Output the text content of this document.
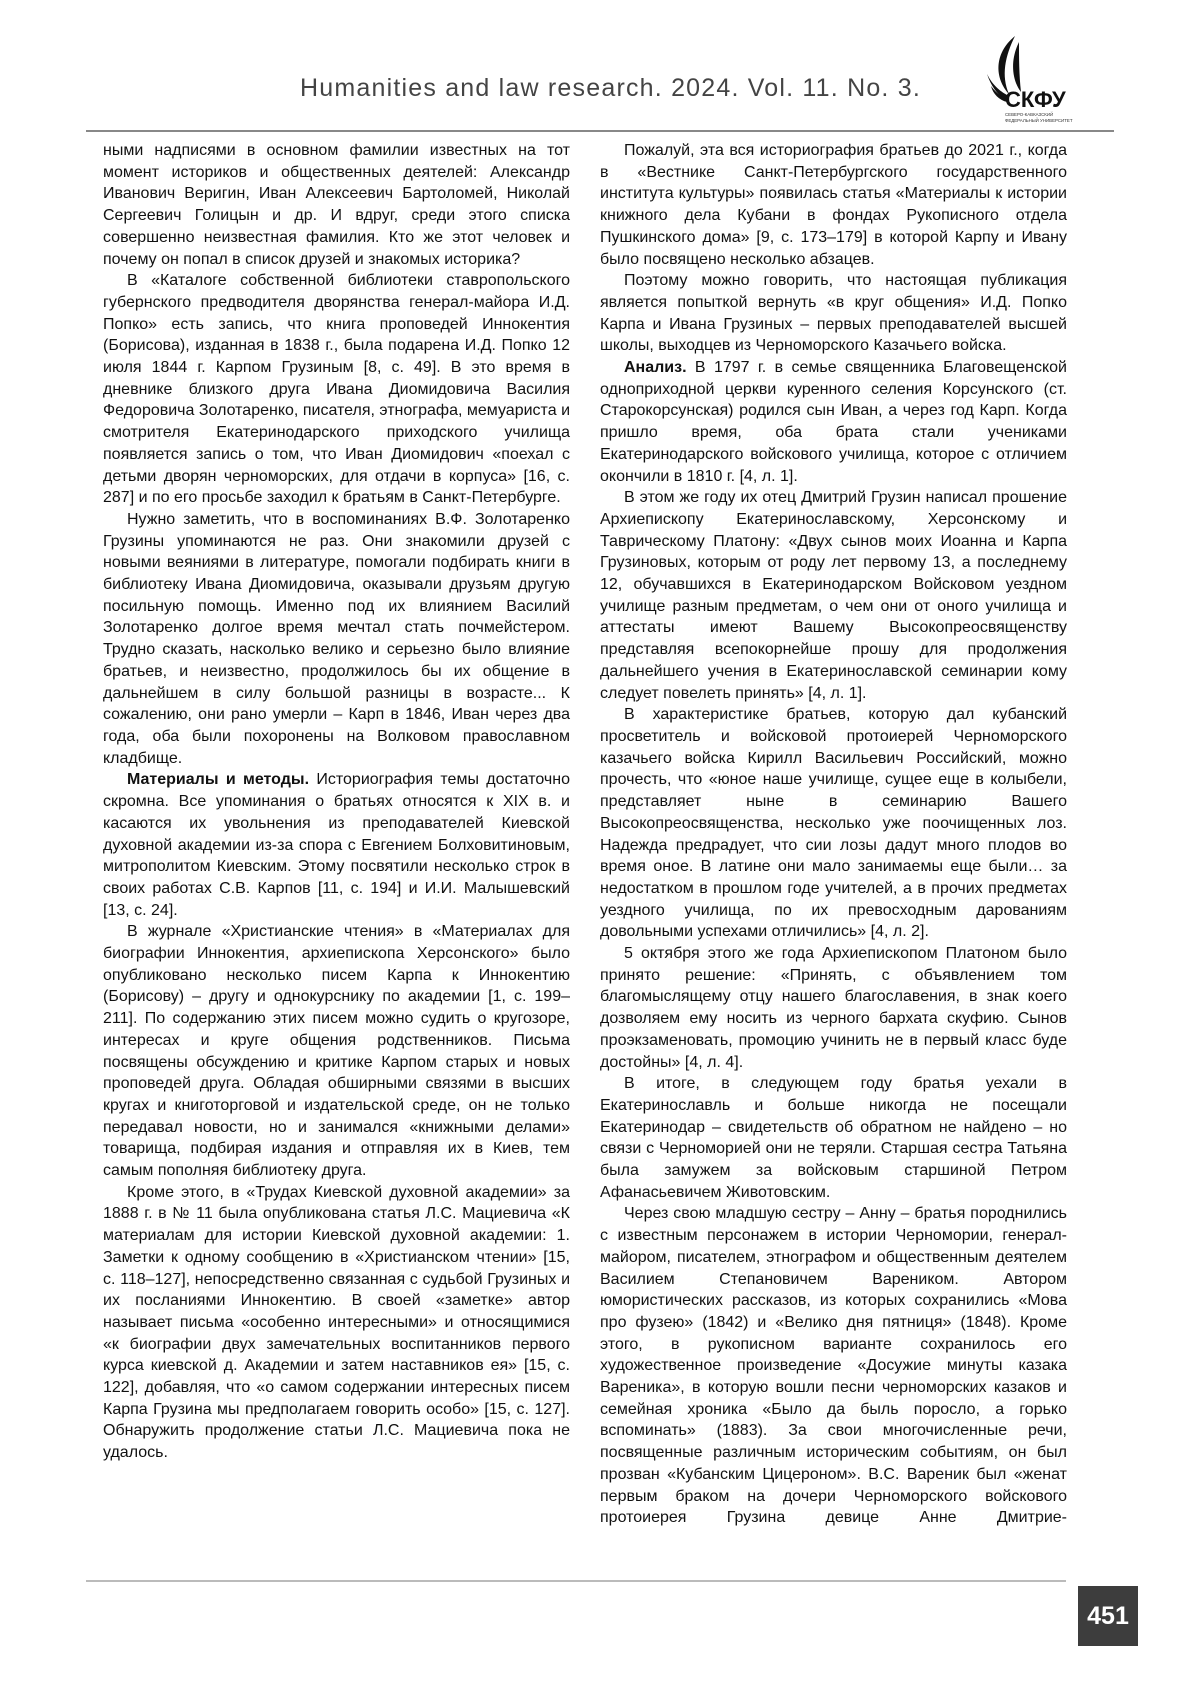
Humanities and law research. 2024. Vol. 11. No. 3.	СКФУ
СЕВЕРО-КАВКАЗСКИЙ
ФЕДЕРАЛЬНЫЙ УНИВЕРСИТЕТ

ными надписями в основном фамилии известных на тот момент историков и общественных деятелей: Александр Иванович Веригин, Иван Алексеевич Бартоломей, Николай Сергеевич Голицын и др. И вдруг, среди этого списка совершенно неизвестная фамилия. Кто же этот человек и почему он попал в список друзей и знакомых историка?

В «Каталоге собственной библиотеки ставропольского губернского предводителя дворянства генерал-майора И.Д. Попко» есть запись, что книга проповедей Иннокентия (Борисова), изданная в 1838 г., была подарена И.Д. Попко 12 июля 1844 г. Карпом Грузиным [8, с. 49]. В это время в дневнике близкого друга Ивана Диомидовича Василия Федоровича Золотаренко, писателя, этнографа, мемуариста и смотрителя Екатеринодарского приходского училища появляется запись о том, что Иван Диомидович «поехал с детьми дворян черноморских, для отдачи в корпуса» [16, с. 287] и по его просьбе заходил к братьям в Санкт-Петербурге.

Нужно заметить, что в воспоминаниях В.Ф. Золотаренко Грузины упоминаются не раз. Они знакомили друзей с новыми веяниями в литературе, помогали подбирать книги в библиотеку Ивана Диомидовича, оказывали друзьям другую посильную помощь. Именно под их влиянием Василий Золотаренко долгое время мечтал стать почмейстером. Трудно сказать, насколько велико и серьезно было влияние братьев, и неизвестно, продолжилось бы их общение в дальнейшем в силу большой разницы в возрасте... К сожалению, они рано умерли – Карп в 1846, Иван через два года, оба были похоронены на Волковом православном кладбище.

Материалы и методы. Историография темы достаточно скромна. Все упоминания о братьях относятся к XIX в. и касаются их увольнения из преподавателей Киевской духовной академии из-за спора с Евгением Болховитиновым, митрополитом Киевским. Этому посвятили несколько строк в своих работах С.В. Карпов [11, с. 194] и И.И. Малышевский [13, с. 24].

В журнале «Христианские чтения» в «Материалах для биографии Иннокентия, архиепископа Херсонского» было опубликовано несколько писем Карпа к Иннокентию (Борисову) – другу и однокурснику по академии [1, с. 199–211]. По содержанию этих писем можно судить о кругозоре, интересах и круге общения родственников. Письма посвящены обсуждению и критике Карпом старых и новых проповедей друга. Обладая обширными связями в высших кругах и книготорговой и издательской среде, он не только передавал новости, но и занимался «книжными делами» товарища, подбирая издания и отправляя их в Киев, тем самым пополняя библиотеку друга.

Кроме этого, в «Трудах Киевской духовной академии» за 1888 г. в № 11 была опубликована статья Л.С. Мациевича «К материалам для истории Киевской духовной академии: 1. Заметки к одному сообщению в «Христианском чтении» [15, с. 118–127], непосредственно связанная с судьбой Грузиных и их посланиями Иннокентию. В своей «заметке» автор называет письма «особенно интересными» и относящимися «к биографии двух замечательных воспитанников первого курса киевской д. Академии и затем наставников ея» [15, с. 122], добавляя, что «о самом содержании интересных писем Карпа Грузина мы предполагаем говорить особо» [15, с. 127]. Обнаружить продолжение статьи Л.С. Мациевича пока не удалось.

Пожалуй, эта вся историография братьев до 2021 г., когда в «Вестнике Санкт-Петербургского государственного института культуры» появилась статья «Материалы к истории книжного дела Кубани в фондах Рукописного отдела Пушкинского дома» [9, с. 173–179] в которой Карпу и Ивану было посвящено несколько абзацев.

Поэтому можно говорить, что настоящая публикация является попыткой вернуть «в круг общения» И.Д. Попко Карпа и Ивана Грузиных – первых преподавателей высшей школы, выходцев из Черноморского Казачьего войска.

Анализ. В 1797 г. в семье священника Благовещенской одноприходной церкви куренного селения Корсунского (ст. Старокорсунская) родился сын Иван, а через год Карп. Когда пришло время, оба брата стали учениками Екатеринодарского войскового училища, которое с отличием окончили в 1810 г. [4, л. 1].

В этом же году их отец Дмитрий Грузин написал прошение Архиепископу Екатеринославскому, Херсонскому и Таврическому Платону: «Двух сынов моих Иоанна и Карпа Грузиновых, которым от роду лет первому 13, а последнему 12, обучавшихся в Екатеринодарском Войсковом уездном училище разным предметам, о чем они от оного училища и аттестаты имеют Вашему Высокопреосвященству представляя всепокорнейше прошу для продолжения дальнейшего учения в Екатеринославской семинарии кому следует повелеть принять» [4, л. 1].

В характеристике братьев, которую дал кубанский просветитель и войсковой протоиерей Черноморского казачьего войска Кирилл Васильевич Российский, можно прочесть, что «юное наше училище, сущее еще в колыбели, представляет ныне в семинарию Вашего Высокопреосвященства, несколько уже поочищенных лоз. Надежда предрадует, что сии лозы дадут много плодов во время оное. В латине они мало занимаемы еще были… за недостатком в прошлом годе учителей, а в прочих предметах уездного училища, по их превосходным дарованиям довольными успехами отличились» [4, л. 2].

5 октября этого же года Архиепископом Платоном было принято решение: «Принять, с объявлением том благомыслящему отцу нашего благославения, в знак коего дозволяем ему носить из черного бархата скуфию. Сынов проэкзаменовать, промоцию учинить не в первый класс буде достойны» [4, л. 4].

В итоге, в следующем году братья уехали в Екатеринославль и больше никогда не посещали Екатеринодар – свидетельств об обратном не найдено – но связи с Черноморией они не теряли. Старшая сестра Татьяна была замужем за войсковым старшиной Петром Афанасьевичем Животовским.

Через свою младшую сестру – Анну – братья породнились с известным персонажем в истории Черномории, генерал-майором, писателем, этнографом и общественным деятелем Василием Степановичем Вареником. Автором юмористических рассказов, из которых сохранились «Мова про фузею» (1842) и «Велико дня пятниця» (1848). Кроме этого, в рукописном варианте сохранилось его художественное произведение «Досужие минуты казака Вареника», в которую вошли песни черноморских казаков и семейная хроника «Было да быль поросло, а горько вспоминать» (1883). За свои многочисленные речи, посвященные различным историческим событиям, он был прозван «Кубанским Цицероном». В.С. Вареник был «женат первым браком на дочери Черноморского войскового протоиерея Грузина девице Анне Дмитрие-

451
